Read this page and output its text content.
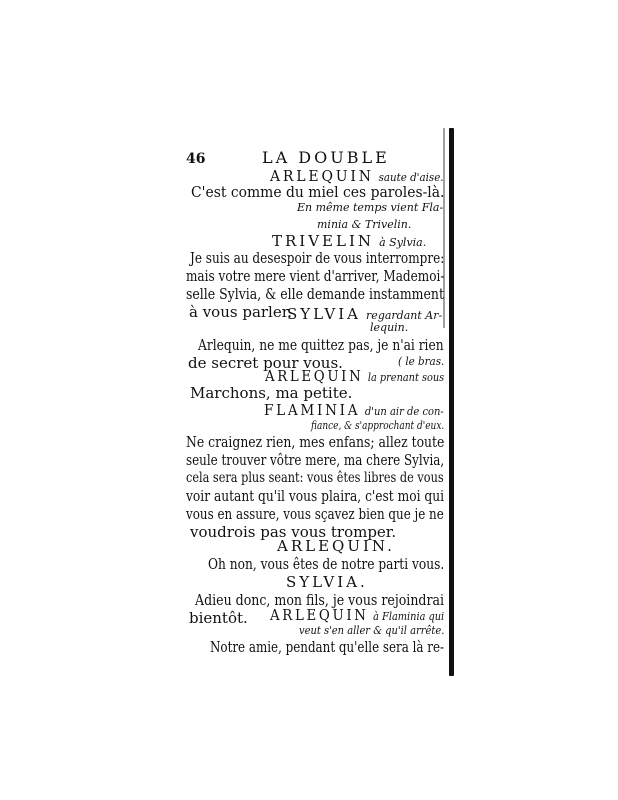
46	LA DOUBLE
ARLEQUIN saute d'aise.
C'est comme du miel ces paroles-là.
En même temps vient Fla-
minia & Trivelin.
TRIVELIN à Sylvia.
Je suis au desespoir de vous interrompre:
mais votre mere vient d'arriver, Mademoi-
selle Sylvia, & elle demande instamment
à vous parler.
SYLVIA regardant Ar-
lequin.
Arlequin, ne me quittez pas, je n'ai rien
de secret pour vous.	( le bras.
ARLEQUIN la prenant sous
Marchons, ma petite.
FLAMINIA d'un air de con-
fiance, & s'approchant d'eux.
Ne craignez rien, mes enfans; allez toute
seule trouver vôtre mere, ma chere Sylvia,
cela sera plus seant: vous êtes libres de vous
voir autant qu'il vous plaira, c'est moi qui
vous en assure, vous sçavez bien que je ne
voudrois pas vous tromper.
ARLEQUIN.
Oh non, vous êtes de notre parti vous.
SYLVIA.
Adieu donc, mon fils, je vous rejoindrai
bientôt. ARLEQUIN à Flaminia qui
veut s'en aller & qu'il arrête.
Notre amie, pendant qu'elle sera là re-
